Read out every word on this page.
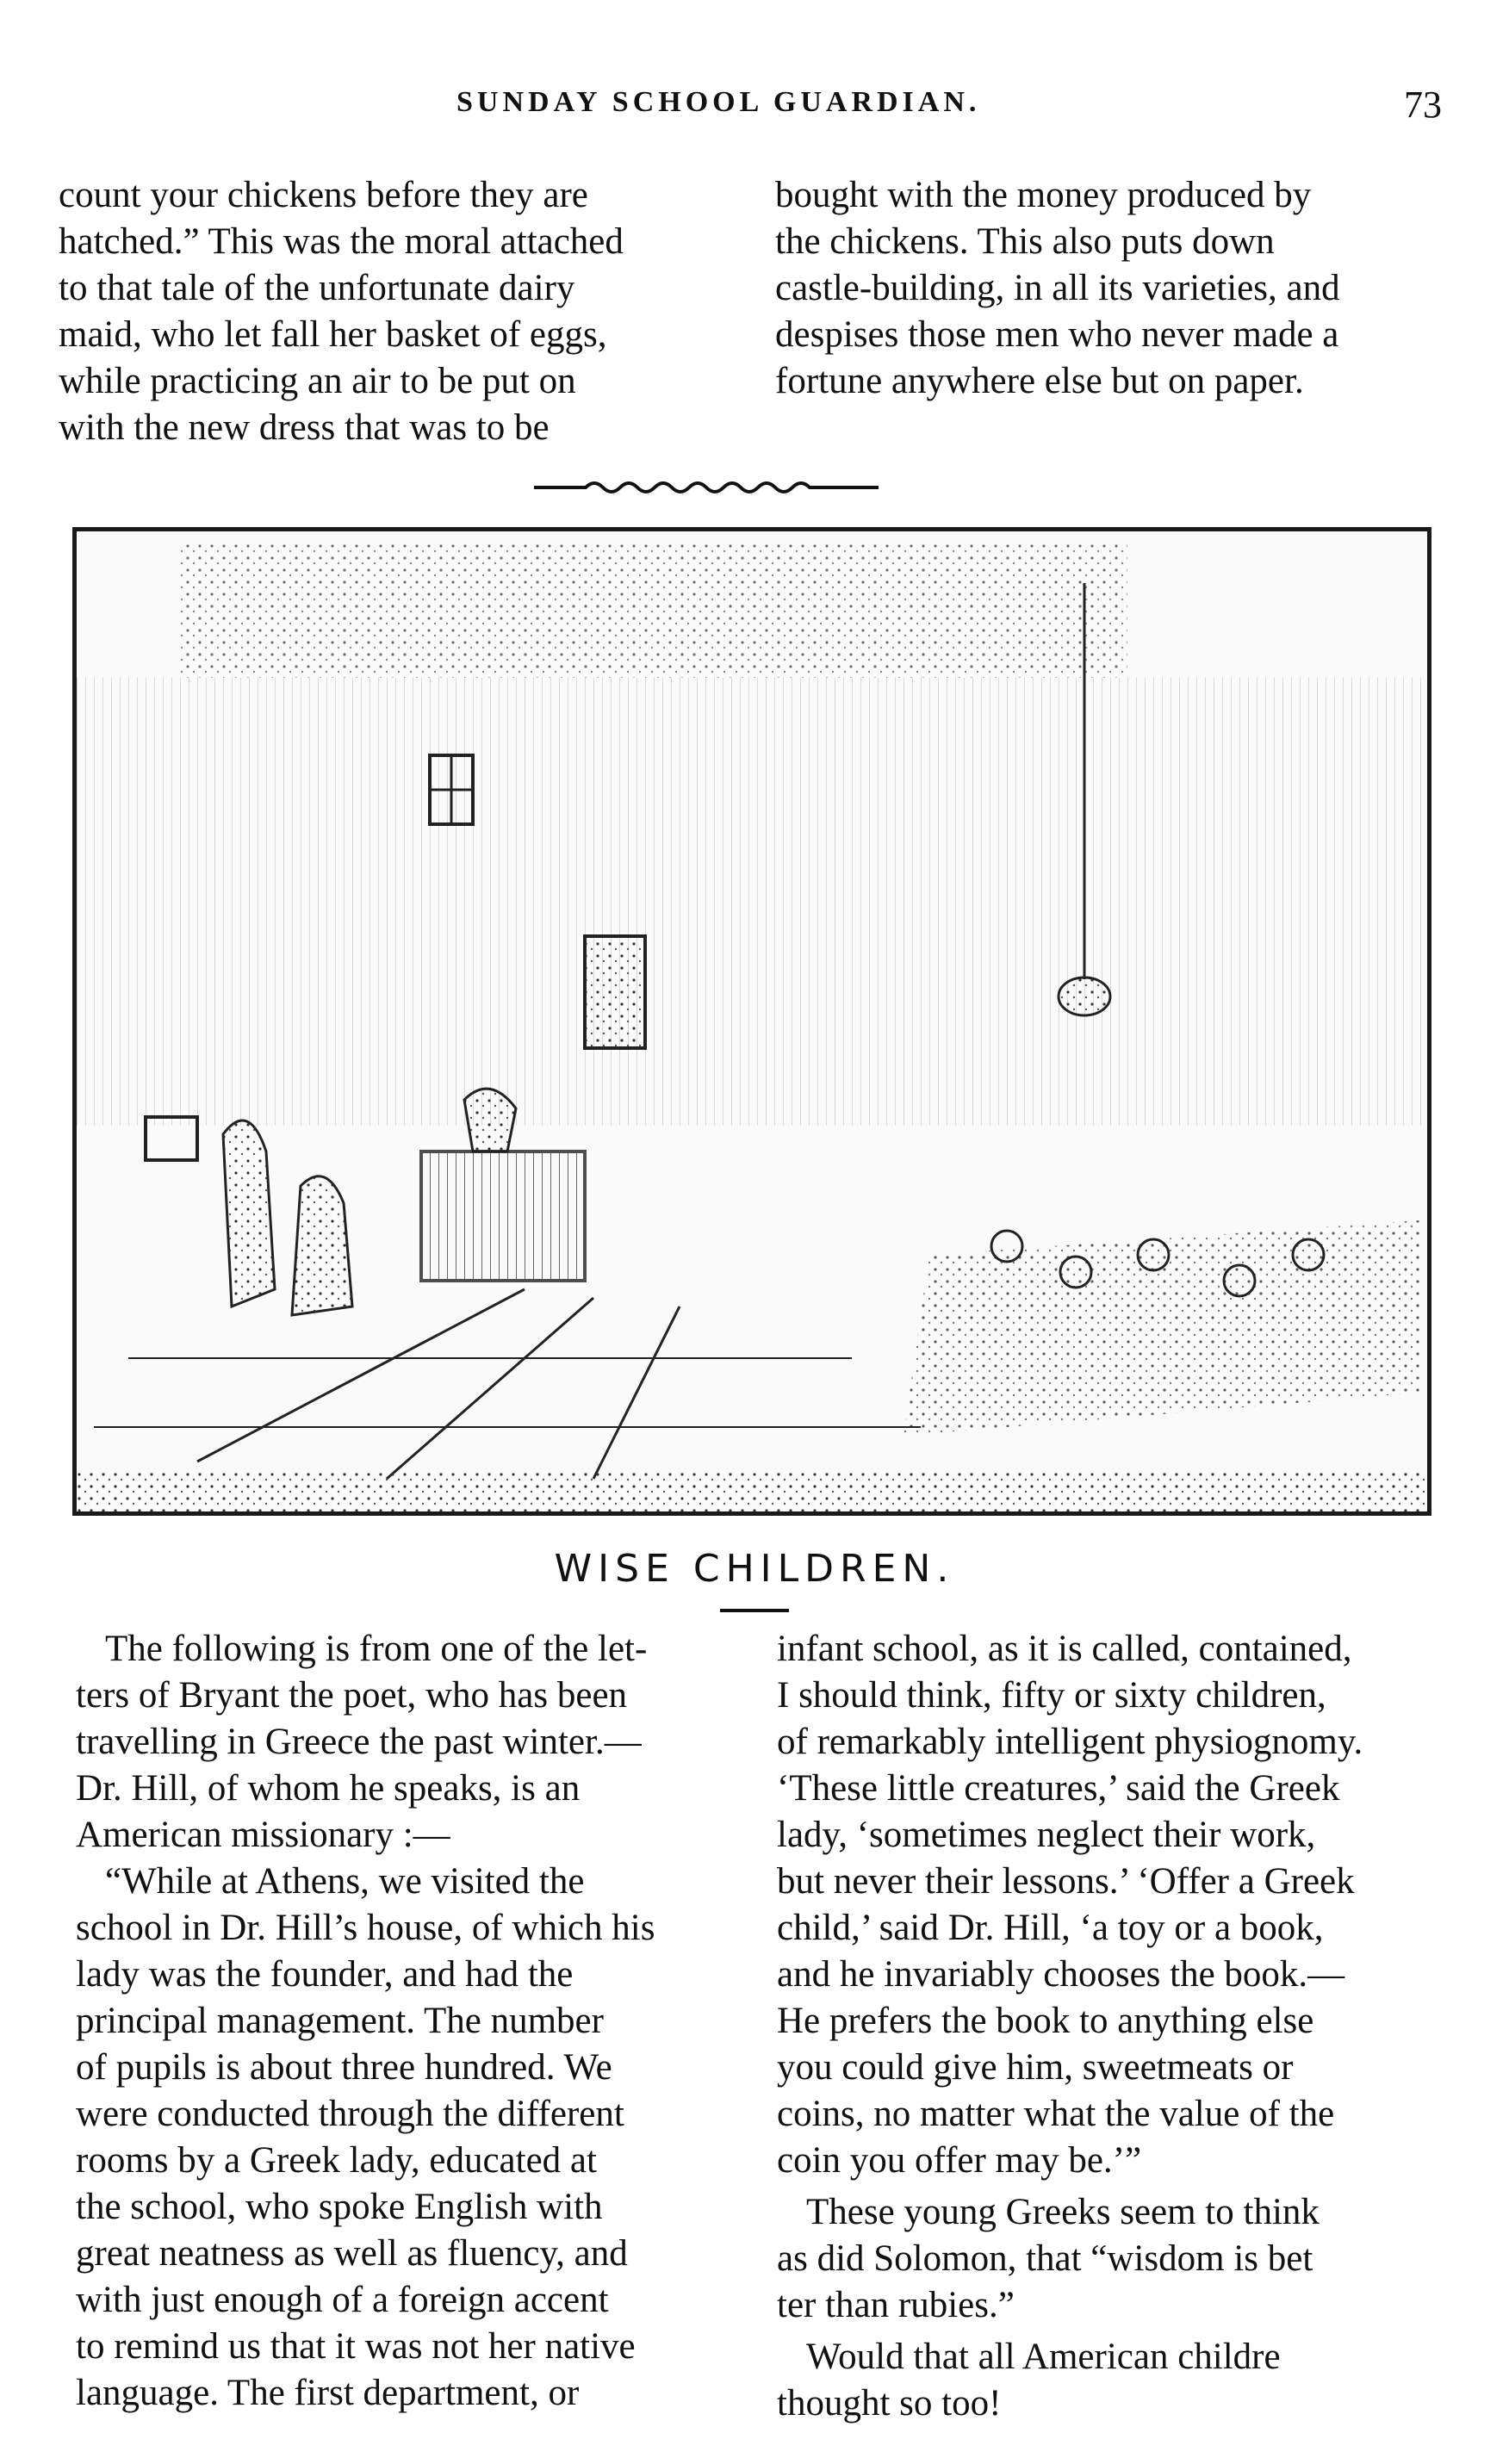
SUNDAY SCHOOL GUARDIAN.	73
count your chickens before they are
hatched.” This was the moral attached
to that tale of the unfortunate dairy
maid, who let fall her basket of eggs,
while practicing an air to be put on
with the new dress that was to be
bought with the money produced by
the chickens. This also puts down
castle-building, in all its varieties, and
despises those men who never made a
fortune anywhere else but on paper.
WISE CHILDREN.
The following is from one of the let-
ters of Bryant the poet, who has been
travelling in Greece the past winter.—
Dr. Hill, of whom he speaks, is an
American missionary :—
“While at Athens, we visited the
school in Dr. Hill’s house, of which his
lady was the founder, and had the
principal management. The number
of pupils is about three hundred. We
were conducted through the different
rooms by a Greek lady, educated at
the school, who spoke English with
great neatness as well as fluency, and
with just enough of a foreign accent
to remind us that it was not her native
language. The first department, or
infant school, as it is called, contained,
I should think, fifty or sixty children,
of remarkably intelligent physiognomy.
‘These little creatures,’ said the Greek
lady, ‘sometimes neglect their work,
but never their lessons.’ ‘Offer a Greek
child,’ said Dr. Hill, ‘a toy or a book,
and he invariably chooses the book.—
He prefers the book to anything else
you could give him, sweetmeats or
coins, no matter what the value of the
coin you offer may be.’”
These young Greeks seem to think
as did Solomon, that “wisdom is bet
ter than rubies.”
Would that all American childre
thought so too!
